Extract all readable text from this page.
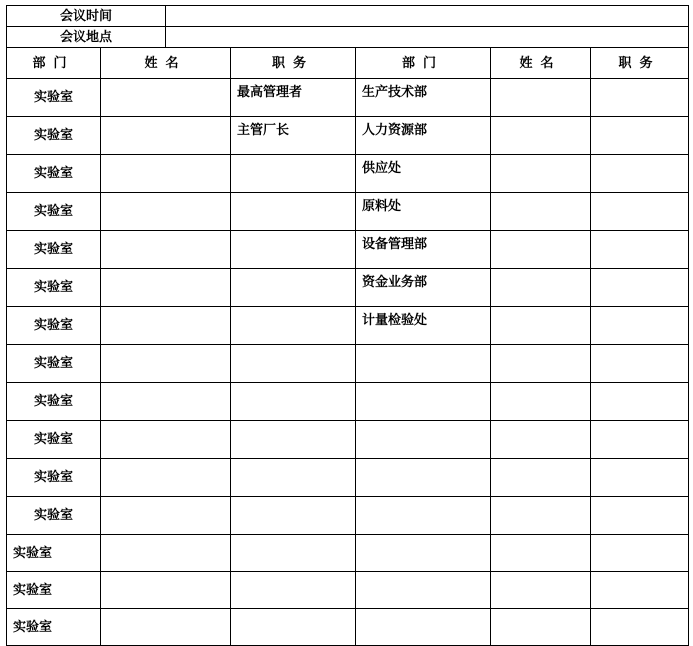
会议时间	
会议地点	
部门	姓名	职务	部门	姓名	职务
实验室		最高管理者	生产技术部		
实验室		主管厂长	人力资源部		
实验室			供应处		
实验室			原料处		
实验室			设备管理部		
实验室			资金业务部		
实验室			计量检验处		
实验室					
实验室					
实验室					
实验室					
实验室					
实验室					
实验室					
实验室					
